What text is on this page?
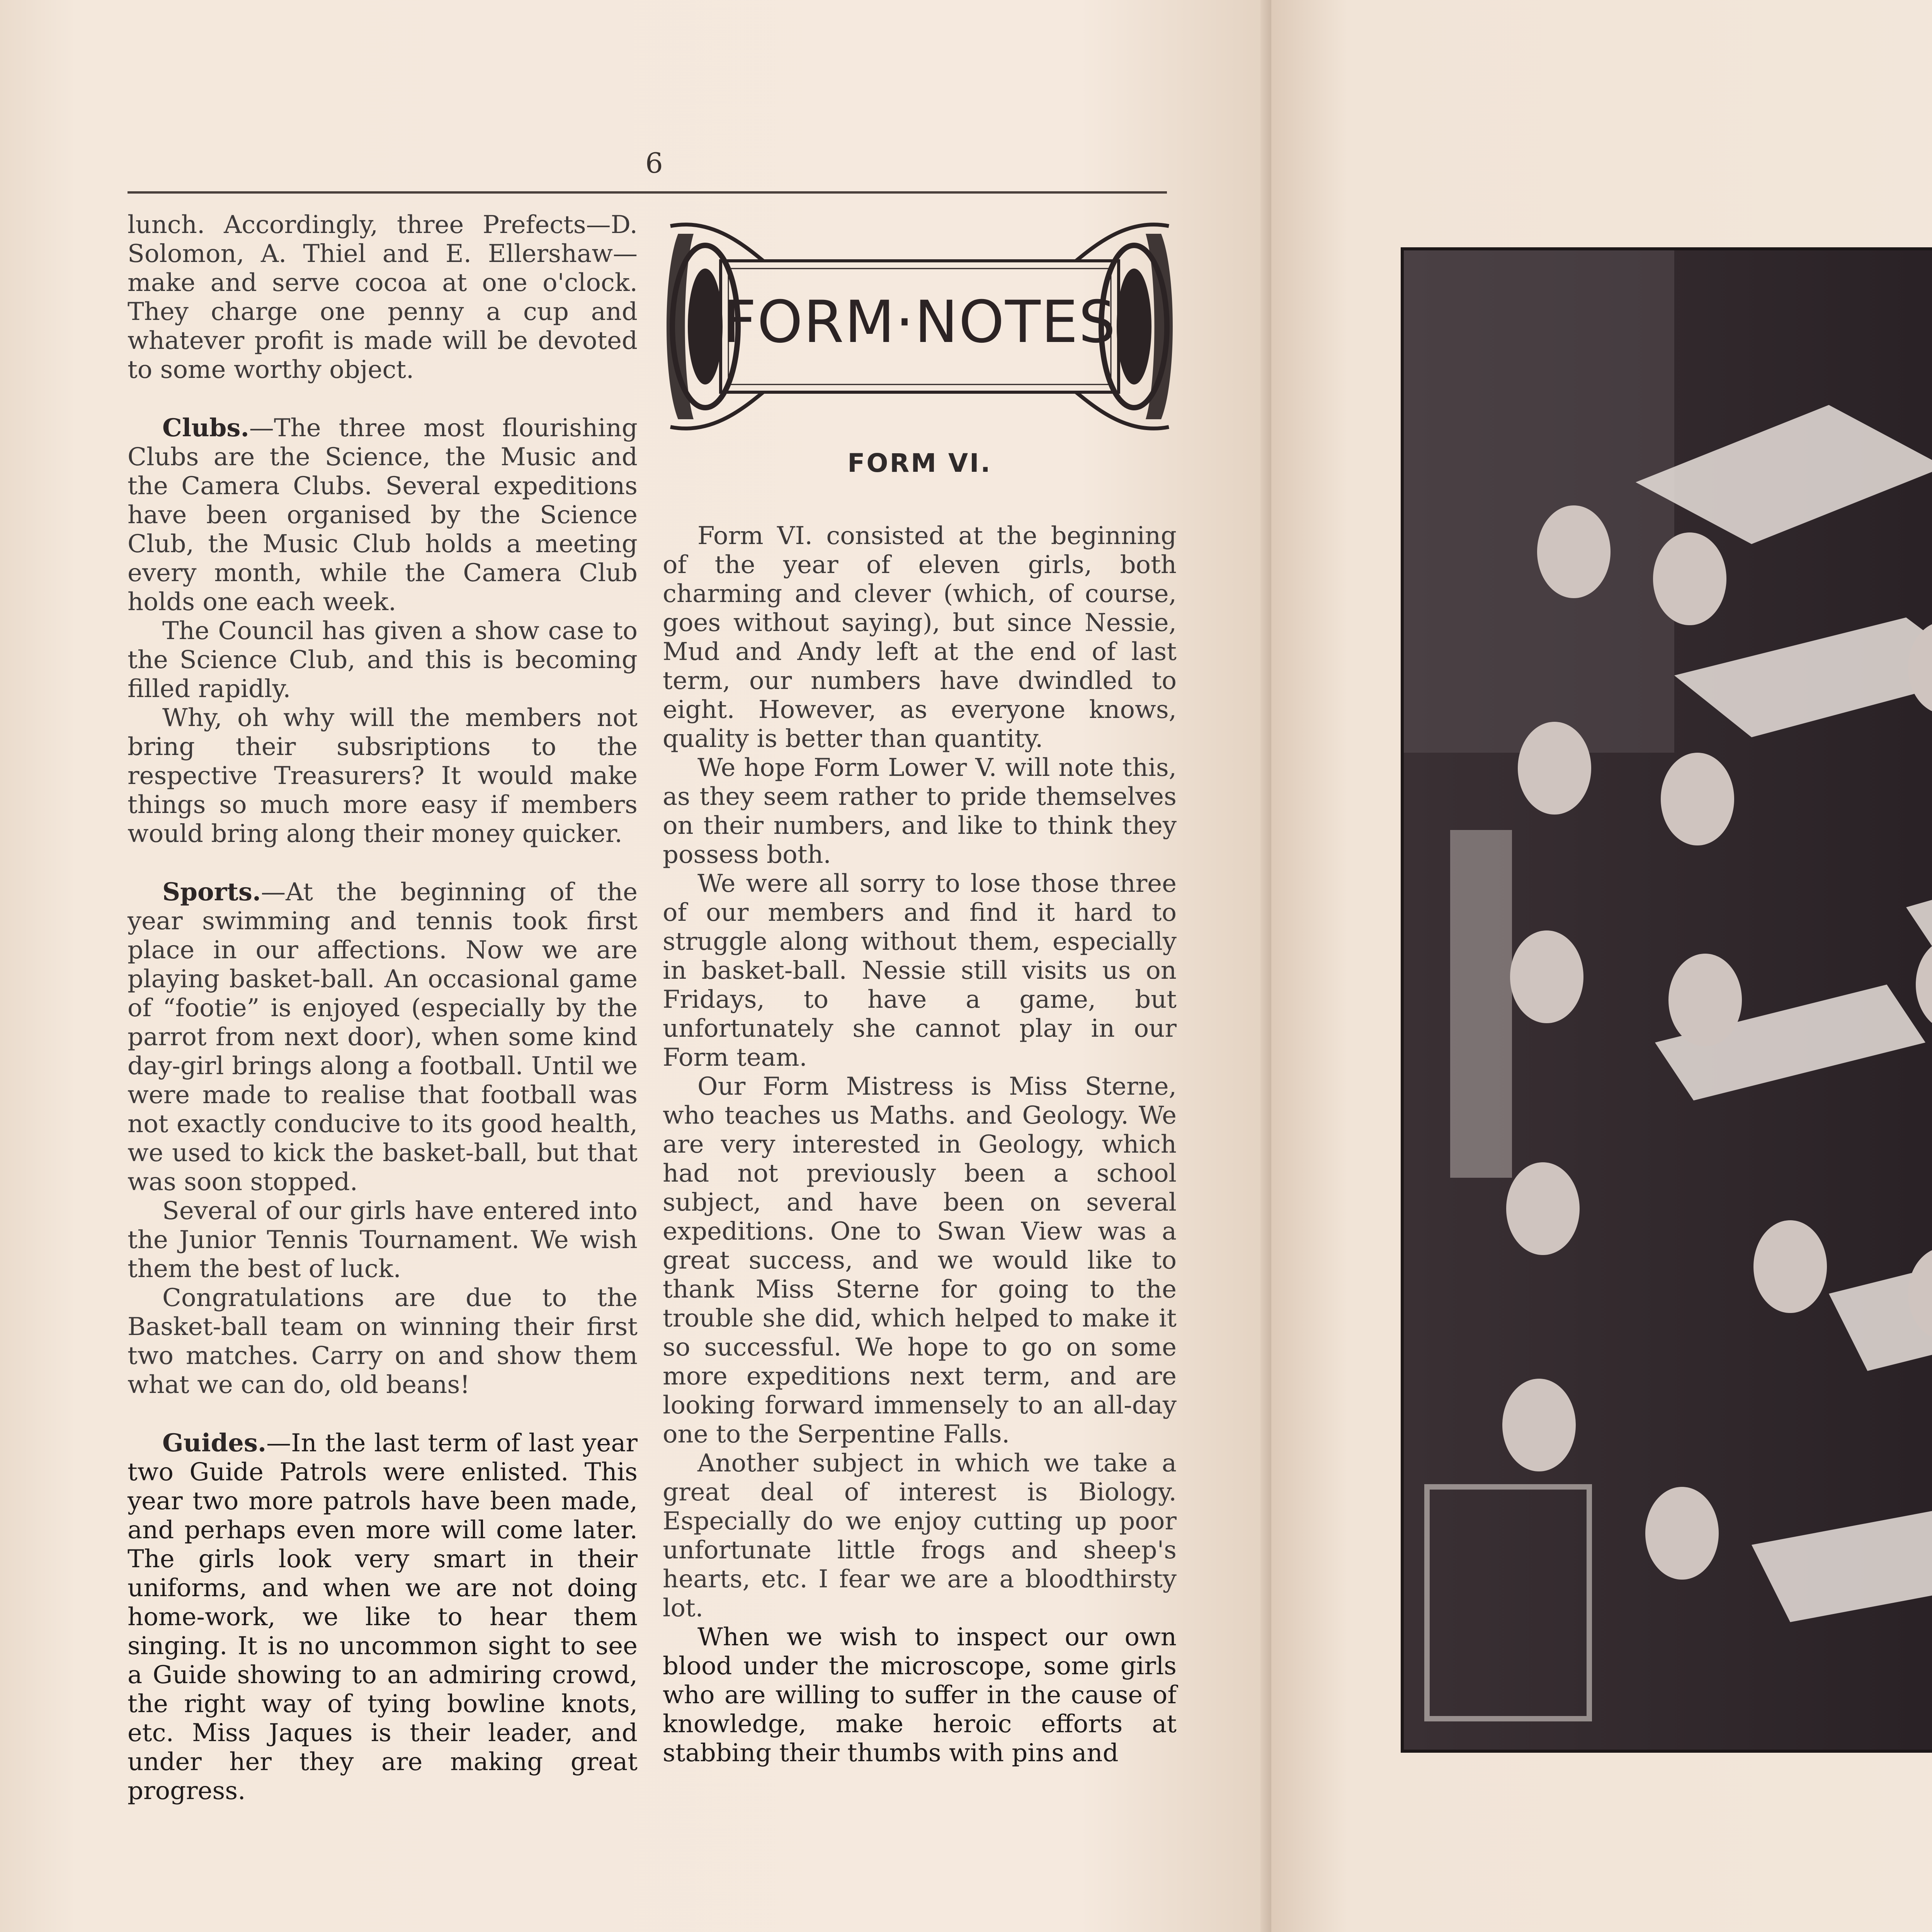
6

lunch. Accordingly, three Prefects—D. Solomon, A. Thiel and E. Ellershaw—make and serve cocoa at one o'clock. They charge one penny a cup and whatever profit is made will be devoted to some worthy object.

Clubs.—The three most flourishing Clubs are the Science, the Music and the Camera Clubs. Several expeditions have been organised by the Science Club, the Music Club holds a meeting every month, while the Camera Club holds one each week.

The Council has given a show case to the Science Club, and this is becoming filled rapidly.

Why, oh why will the members not bring their subsriptions to the respective Treasurers? It would make things so much more easy if members would bring along their money quicker.

Sports.—At the beginning of the year swimming and tennis took first place in our affections. Now we are playing basket-ball. An occasional game of “footie” is enjoyed (especially by the parrot from next door), when some kind day-girl brings along a football. Until we were made to realise that football was not exactly conducive to its good health, we used to kick the basket-ball, but that was soon stopped.

Several of our girls have entered into the Junior Tennis Tournament. We wish them the best of luck.

Congratulations are due to the Basket-ball team on winning their first two matches. Carry on and show them what we can do, old beans!

Guides.—In the last term of last year two Guide Patrols were enlisted. This year two more patrols have been made, and perhaps even more will come later. The girls look very smart in their uniforms, and when we are not doing home-work, we like to hear them singing. It is no uncommon sight to see a Guide showing to an admiring crowd, the right way of tying bowline knots, etc. Miss Jaques is their leader, and under her they are making great progress.

FORM·NOTES
FORM VI.

Form VI. consisted at the beginning of the year of eleven girls, both charming and clever (which, of course, goes without saying), but since Nessie, Mud and Andy left at the end of last term, our numbers have dwindled to eight. However, as everyone knows, quality is better than quantity.

We hope Form Lower V. will note this, as they seem rather to pride themselves on their numbers, and like to think they possess both.

We were all sorry to lose those three of our members and find it hard to struggle along without them, especially in basket-ball. Nessie still visits us on Fridays, to have a game, but unfortunately she cannot play in our Form team.

Our Form Mistress is Miss Sterne, who teaches us Maths. and Geology. We are very interested in Geology, which had not previously been a school subject, and have been on several expeditions. One to Swan View was a great success, and we would like to thank Miss Sterne for going to the trouble she did, which helped to make it so successful. We hope to go on some more expeditions next term, and are looking forward immensely to an all-day one to the Serpentine Falls.

Another subject in which we take a great deal of interest is Biology. Especially do we enjoy cutting up poor unfortunate little frogs and sheep's hearts, etc. I fear we are a bloodthirsty lot.

When we wish to inspect our own blood under the microscope, some girls who are willing to suffer in the cause of knowledge, make heroic efforts at stabbing their thumbs with pins and
